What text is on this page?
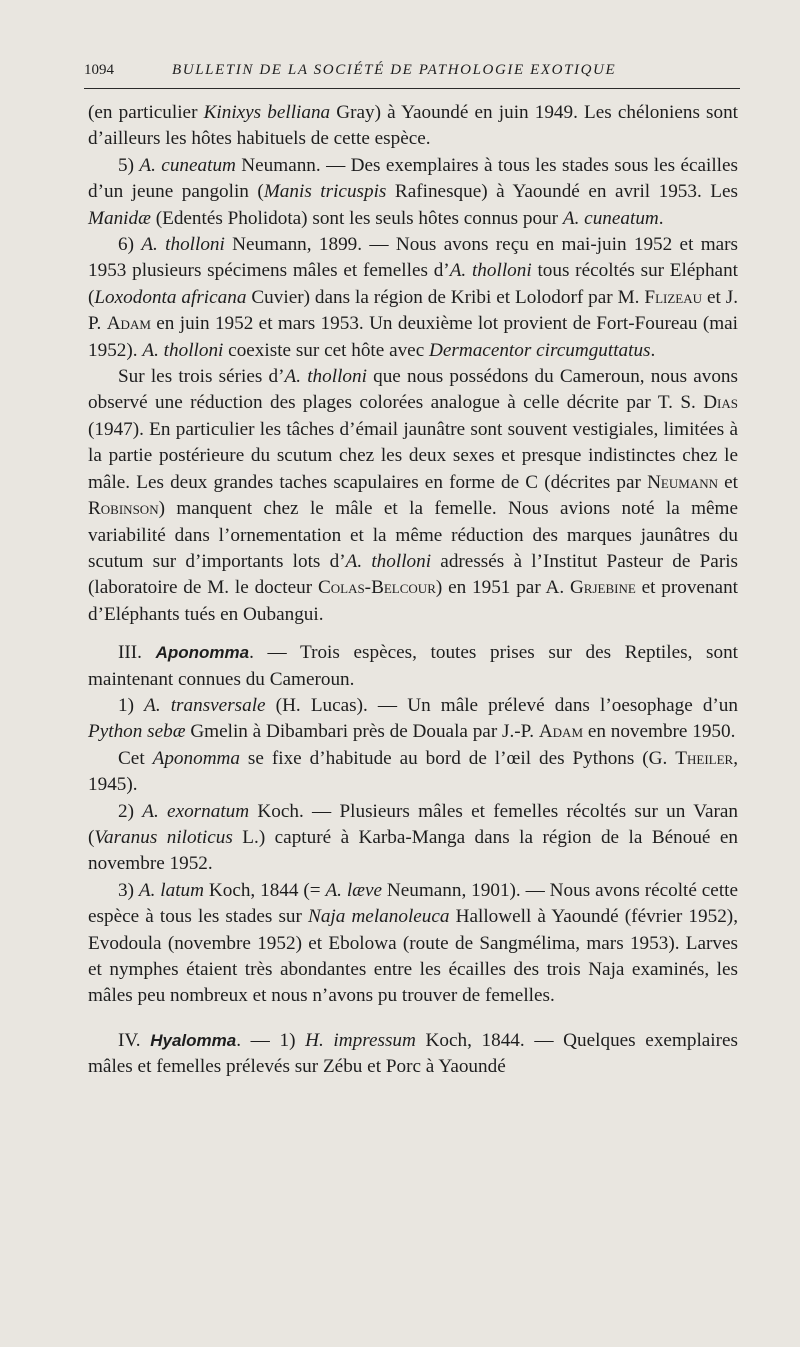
1094	BULLETIN DE LA SOCIÉTÉ DE PATHOLOGIE EXOTIQUE

(en particulier Kinixys belliana Gray) à Yaoundé en juin 1949. Les chéloniens sont d’ailleurs les hôtes habituels de cette espèce.

5) A. cuneatum Neumann. — Des exemplaires à tous les stades sous les écailles d’un jeune pangolin (Manis tricuspis Rafinesque) à Yaoundé en avril 1953. Les Manidæ (Edentés Pholidota) sont les seuls hôtes connus pour A. cuneatum.

6) A. tholloni Neumann, 1899. — Nous avons reçu en mai-juin 1952 et mars 1953 plusieurs spécimens mâles et femelles d’A. tholloni tous récoltés sur Eléphant (Loxodonta africana Cuvier) dans la région de Kribi et Lolodorf par M. Flizeau et J. P. Adam en juin 1952 et mars 1953. Un deuxième lot provient de Fort-Foureau (mai 1952). A. tholloni coexiste sur cet hôte avec Dermacentor circumguttatus.

Sur les trois séries d’A. tholloni que nous possédons du Cameroun, nous avons observé une réduction des plages colorées analogue à celle décrite par T. S. Dias (1947). En particulier les tâches d’émail jaunâtre sont souvent vestigiales, limitées à la partie postérieure du scutum chez les deux sexes et presque indistinctes chez le mâle. Les deux grandes taches scapulaires en forme de C (décrites par Neumann et Robinson) manquent chez le mâle et la femelle. Nous avions noté la même variabilité dans l’ornementation et la même réduction des marques jaunâtres du scutum sur d’importants lots d’A. tholloni adressés à l’Institut Pasteur de Paris (laboratoire de M. le docteur Colas-Belcour) en 1951 par A. Grjebine et provenant d’Eléphants tués en Oubangui.

III. Aponomma. — Trois espèces, toutes prises sur des Reptiles, sont maintenant connues du Cameroun.

1) A. transversale (H. Lucas). — Un mâle prélevé dans l’oesophage d’un Python sebæ Gmelin à Dibambari près de Douala par J.-P. Adam en novembre 1950.

Cet Aponomma se fixe d’habitude au bord de l’œil des Pythons (G. Theiler, 1945).

2) A. exornatum Koch. — Plusieurs mâles et femelles récoltés sur un Varan (Varanus niloticus L.) capturé à Karba-Manga dans la région de la Bénoué en novembre 1952.

3) A. latum Koch, 1844 (= A. læve Neumann, 1901). — Nous avons récolté cette espèce à tous les stades sur Naja melanoleuca Hallowell à Yaoundé (février 1952), Evodoula (novembre 1952) et Ebolowa (route de Sangmélima, mars 1953). Larves et nymphes étaient très abondantes entre les écailles des trois Naja examinés, les mâles peu nombreux et nous n’avons pu trouver de femelles.

IV. Hyalomma. — 1) H. impressum Koch, 1844. — Quelques exemplaires mâles et femelles prélevés sur Zébu et Porc à Yaoundé
